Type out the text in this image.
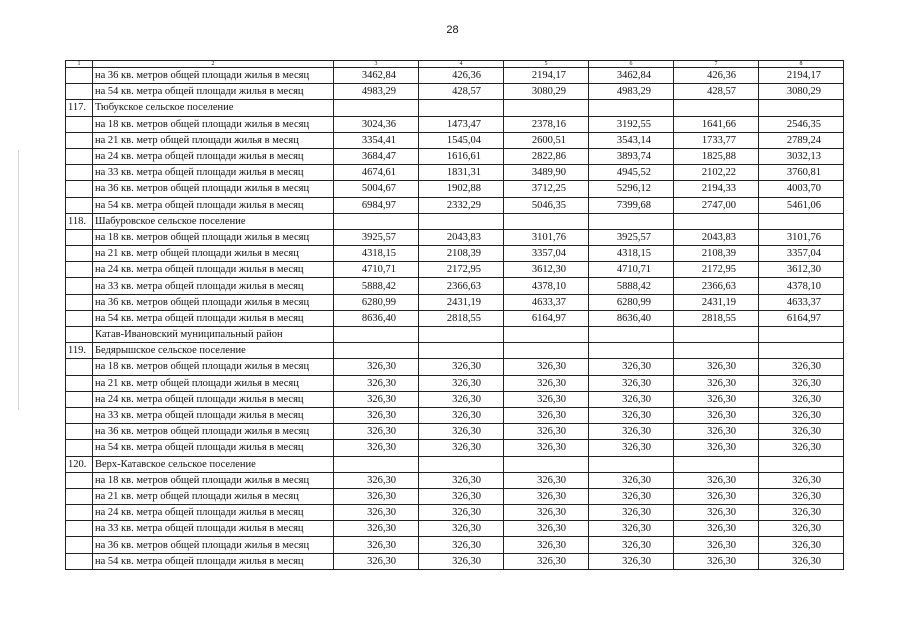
28
1	2	3	4	5	6	7	8
	на 36 кв. метров общей площади жилья в месяц	3462,84	426,36	2194,17	3462,84	426,36	2194,17
	на 54 кв. метра общей площади жилья в месяц	4983,29	428,57	3080,29	4983,29	428,57	3080,29
117.	Тюбукское сельское поселение						
	на 18 кв. метров общей площади жилья в месяц	3024,36	1473,47	2378,16	3192,55	1641,66	2546,35
	на 21 кв. метр общей площади жилья в месяц	3354,41	1545,04	2600,51	3543,14	1733,77	2789,24
	на 24 кв. метра общей площади жилья в месяц	3684,47	1616,61	2822,86	3893,74	1825,88	3032,13
	на 33 кв. метра общей площади жилья в месяц	4674,61	1831,31	3489,90	4945,52	2102,22	3760,81
	на 36 кв. метров общей площади жилья в месяц	5004,67	1902,88	3712,25	5296,12	2194,33	4003,70
	на 54 кв. метра общей площади жилья в месяц	6984,97	2332,29	5046,35	7399,68	2747,00	5461,06
118.	Шабуровское сельское поселение						
	на 18 кв. метров общей площади жилья в месяц	3925,57	2043,83	3101,76	3925,57	2043,83	3101,76
	на 21 кв. метр общей площади жилья в месяц	4318,15	2108,39	3357,04	4318,15	2108,39	3357,04
	на 24 кв. метра общей площади жилья в месяц	4710,71	2172,95	3612,30	4710,71	2172,95	3612,30
	на 33 кв. метра общей площади жилья в месяц	5888,42	2366,63	4378,10	5888,42	2366,63	4378,10
	на 36 кв. метров общей площади жилья в месяц	6280,99	2431,19	4633,37	6280,99	2431,19	4633,37
	на 54 кв. метра общей площади жилья в месяц	8636,40	2818,55	6164,97	8636,40	2818,55	6164,97
	Катав-Ивановский муниципальный район						
119.	Бедярышское сельское поселение						
	на 18 кв. метров общей площади жилья в месяц	326,30	326,30	326,30	326,30	326,30	326,30
	на 21 кв. метр общей площади жилья в месяц	326,30	326,30	326,30	326,30	326,30	326,30
	на 24 кв. метра общей площади жилья в месяц	326,30	326,30	326,30	326,30	326,30	326,30
	на 33 кв. метра общей площади жилья в месяц	326,30	326,30	326,30	326,30	326,30	326,30
	на 36 кв. метров общей площади жилья в месяц	326,30	326,30	326,30	326,30	326,30	326,30
	на 54 кв. метра общей площади жилья в месяц	326,30	326,30	326,30	326,30	326,30	326,30
120.	Верх-Катавское сельское поселение						
	на 18 кв. метров общей площади жилья в месяц	326,30	326,30	326,30	326,30	326,30	326,30
	на 21 кв. метр общей площади жилья в месяц	326,30	326,30	326,30	326,30	326,30	326,30
	на 24 кв. метра общей площади жилья в месяц	326,30	326,30	326,30	326,30	326,30	326,30
	на 33 кв. метра общей площади жилья в месяц	326,30	326,30	326,30	326,30	326,30	326,30
	на 36 кв. метров общей площади жилья в месяц	326,30	326,30	326,30	326,30	326,30	326,30
	на 54 кв. метра общей площади жилья в месяц	326,30	326,30	326,30	326,30	326,30	326,30
